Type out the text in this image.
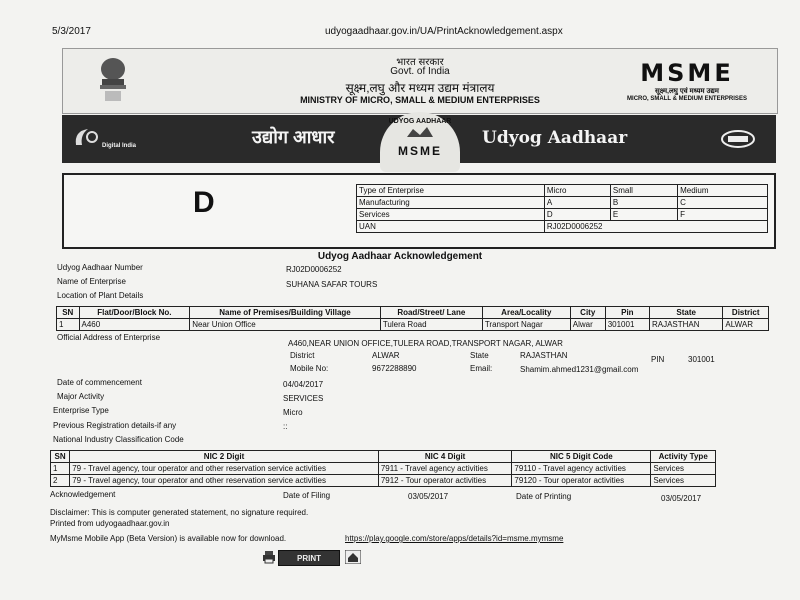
5/3/2017	udyogaadhaar.gov.in/UA/PrintAcknowledgement.aspx
भारत सरकार
Govt. of India
सूक्ष्म,लघु और मध्यम उद्यम मंत्रालय
MINISTRY OF MICRO, SMALL & MEDIUM ENTERPRISES
MSME
सूक्ष्म,लघु एवं मध्यम उद्यम
MICRO, SMALL & MEDIUM ENTERPRISES
Digital India	उद्योग आधार
UDYOG AADHAAR
MSME
Udyog Aadhaar
D	Type of Enterprise	Micro	Small	Medium
Manufacturing	A	B	C
Services	D	E	F
UAN	RJ02D0006252
Udyog Aadhaar Acknowledgement
Udyog Aadhaar Number	RJ02D0006252
Name of Enterprise	SUHANA SAFAR TOURS
Location of Plant Details
SN	Flat/Door/Block No.	Name of Premises/Building Village	Road/Street/ Lane	Area/Locality	City	Pin	State	District
1	A460	Near Union Office	Tulera Road	Transport Nagar	Alwar	301001	RAJASTHAN	ALWAR
Official Address of Enterprise
A460,NEAR UNION OFFICE,TULERA ROAD,TRANSPORT NAGAR, ALWAR
District	ALWAR	State	RAJASTHAN	PIN	301001
Mobile No:	9672288890	Email:	Shamim.ahmed1231@gmail.com
Date of commencement	04/04/2017
Major Activity	SERVICES
Enterprise Type	Micro
Previous Registration details-if any	::
National Industry Classification Code
SN	NIC 2 Digit	NIC 4 Digit	NIC 5 Digit Code	Activity Type
1	79 - Travel agency, tour operator and other reservation service activities	7911 - Travel agency activities	79110 - Travel agency activities	Services
2	79 - Travel agency, tour operator and other reservation service activities	7912 - Tour operator activities	79120 - Tour operator activities	Services
Acknowledgement	Date of Filing	03/05/2017	Date of Printing	03/05/2017
Disclaimer: This is computer generated statement, no signature required.
Printed from udyogaadhaar.gov.in
MyMsme Mobile App (Beta Version) is available now for download.	https://play.google.com/store/apps/details?id=msme.mymsme
PRINT
